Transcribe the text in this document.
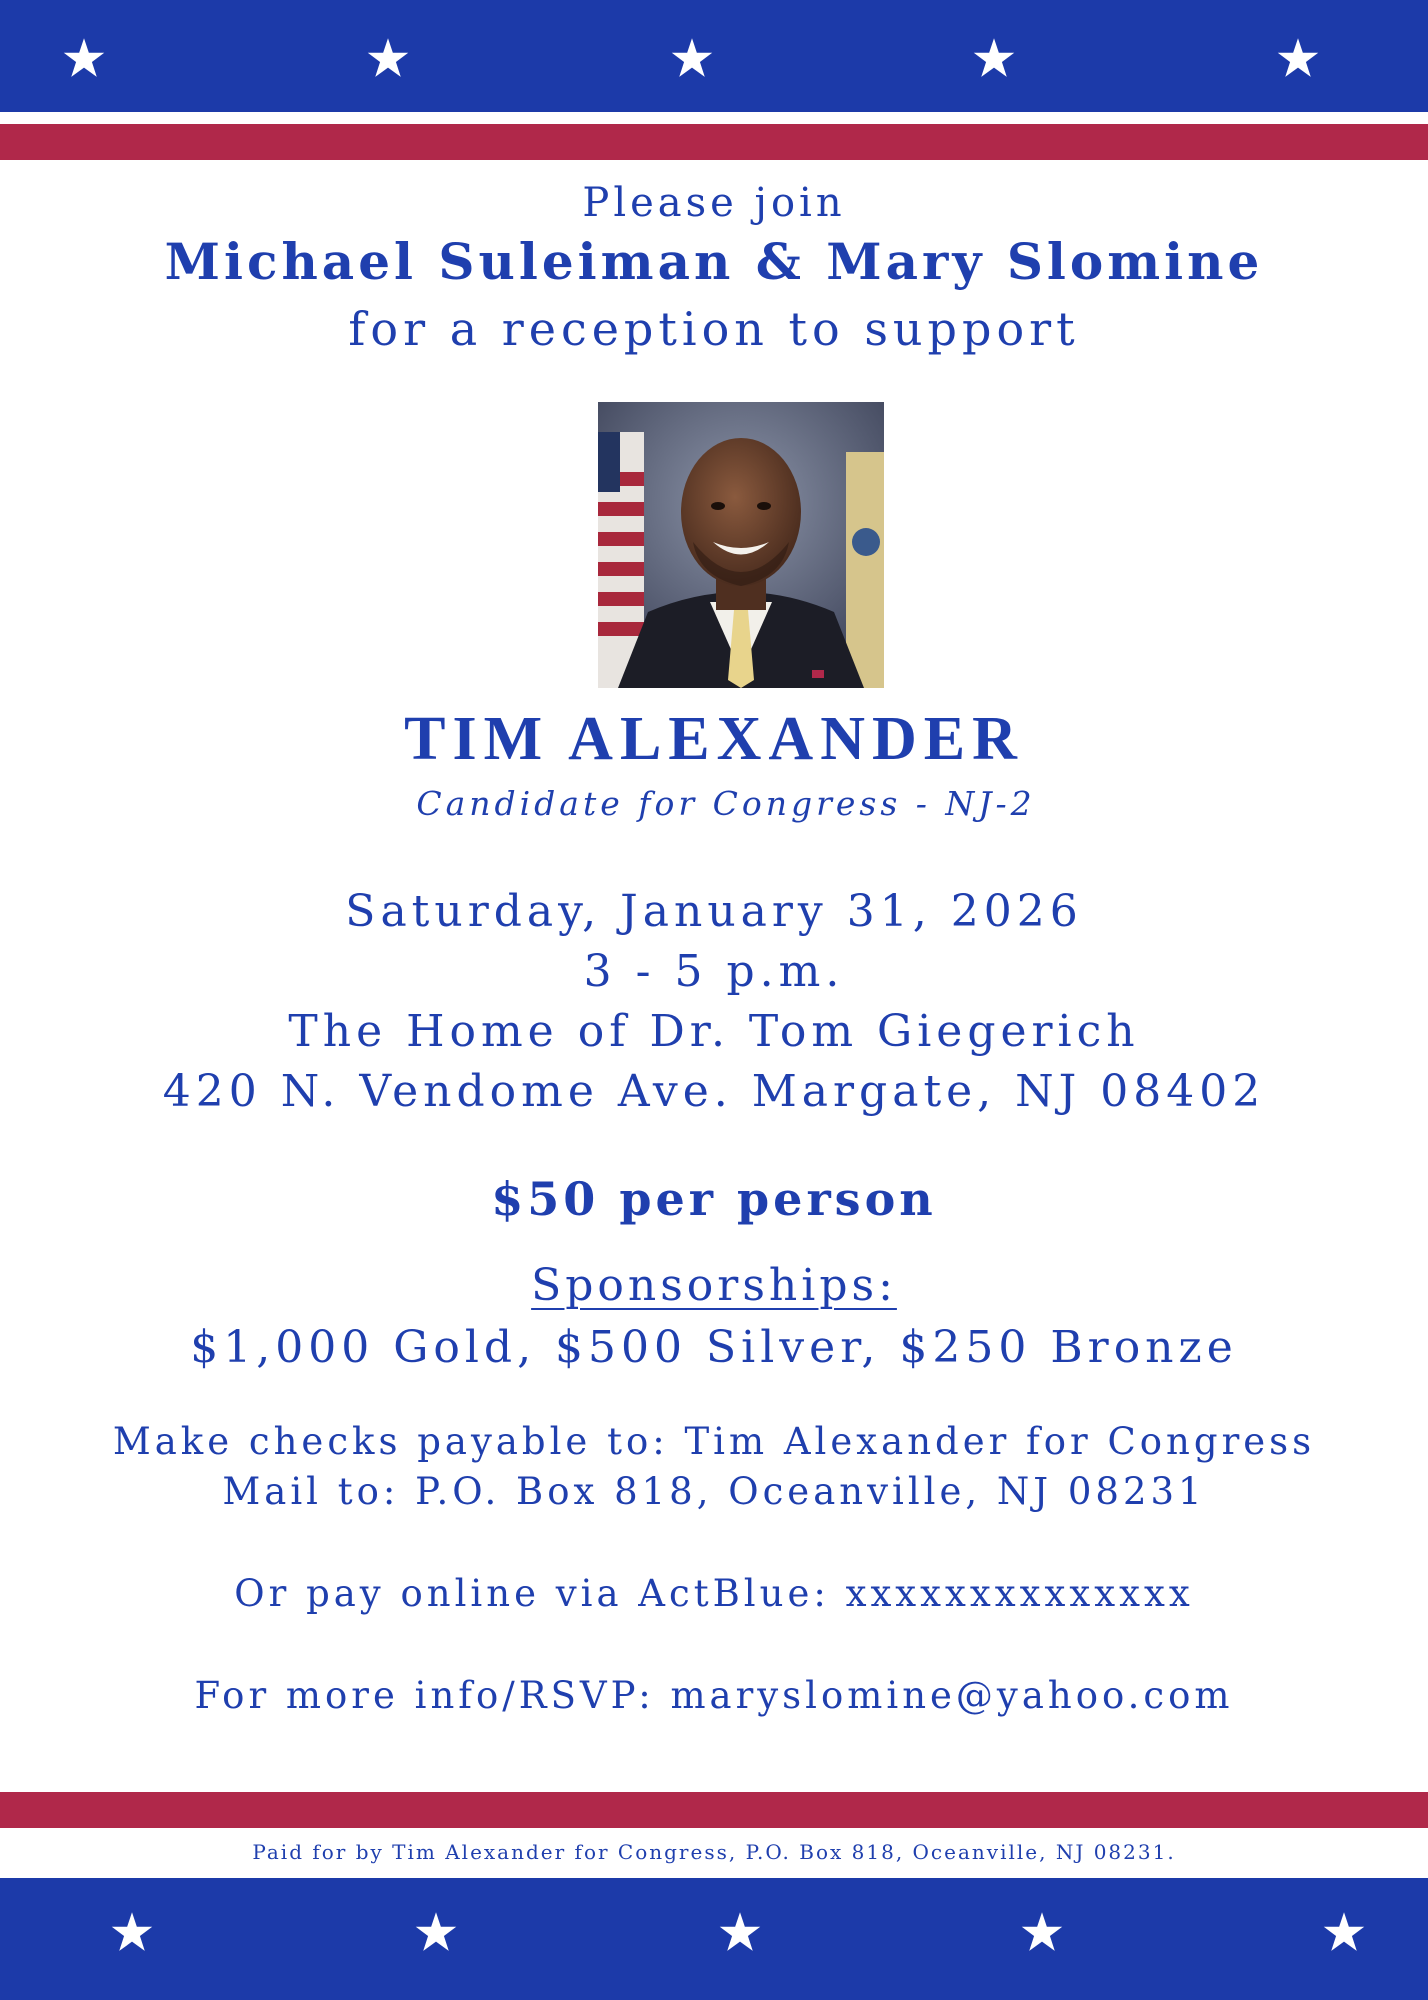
Please join
Michael Suleiman & Mary Slomine
for a reception to support
TIM ALEXANDER
Candidate for Congress - NJ-2
Saturday, January 31, 2026
3 - 5 p.m.
The Home of Dr. Tom Giegerich
420 N. Vendome Ave. Margate, NJ 08402
$50 per person
Sponsorships:
$1,000 Gold, $500 Silver, $250 Bronze
Make checks payable to: Tim Alexander for Congress
Mail to: P.O. Box 818, Oceanville, NJ 08231
Or pay online via ActBlue: xxxxxxxxxxxxxx
For more info/RSVP: maryslomine@yahoo.com
Paid for by Tim Alexander for Congress, P.O. Box 818, Oceanville, NJ 08231.
